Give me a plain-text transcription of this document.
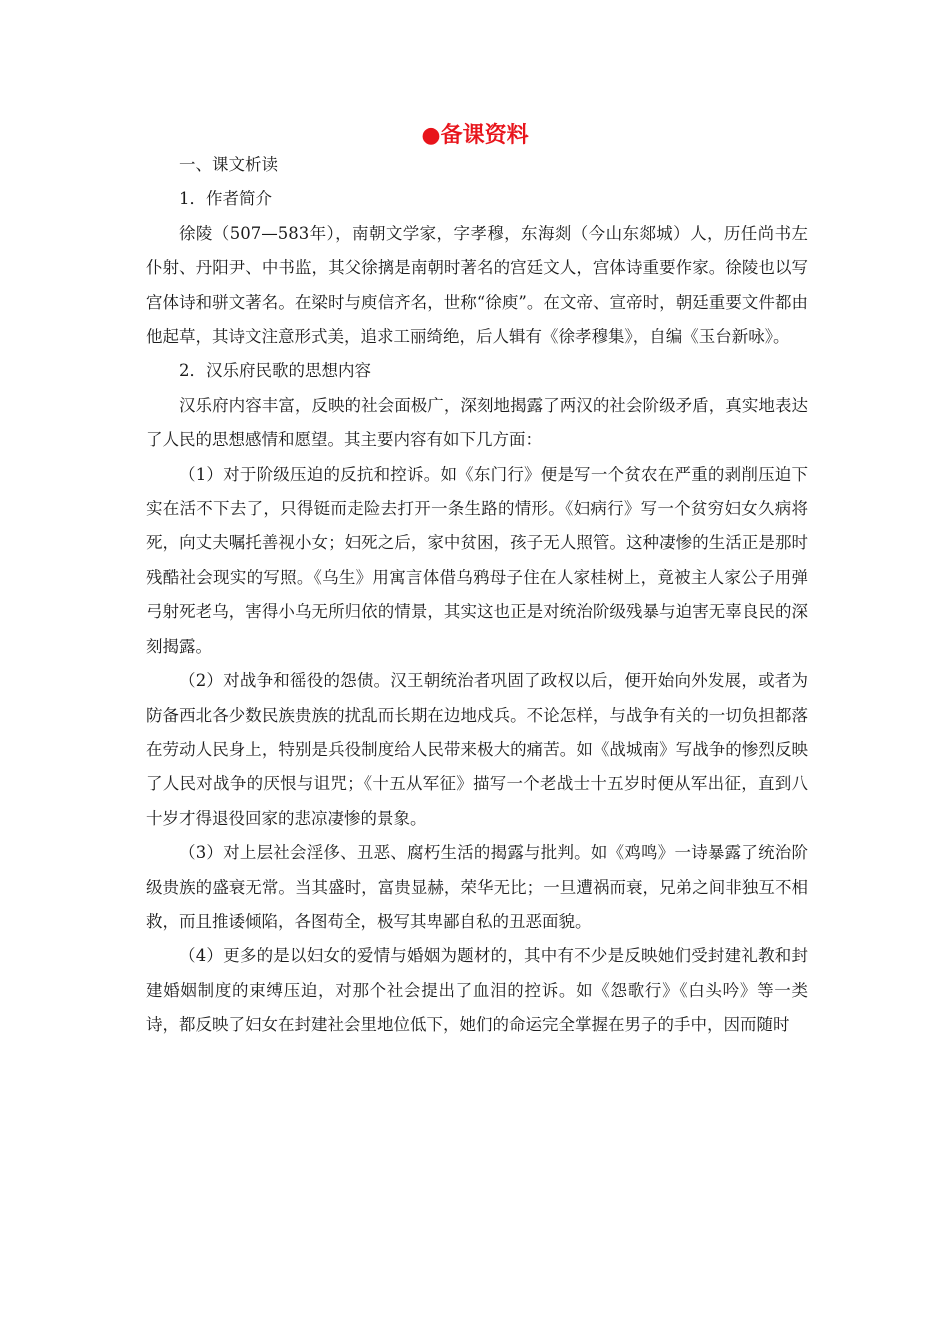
●备课资料

一、课文析读

1．作者简介

徐陵（507—583年），南朝文学家，字孝穆，东海剡（今山东郯城）人，历任尚书左仆射、丹阳尹、中书监，其父徐摛是南朝时著名的宫廷文人，宫体诗重要作家。徐陵也以写宫体诗和骈文著名。在梁时与庾信齐名，世称“徐庾”。在文帝、宣帝时，朝廷重要文件都由他起草，其诗文注意形式美，追求工丽绮绝，后人辑有《徐孝穆集》，自编《玉台新咏》。

2．汉乐府民歌的思想内容

汉乐府内容丰富，反映的社会面极广，深刻地揭露了两汉的社会阶级矛盾，真实地表达了人民的思想感情和愿望。其主要内容有如下几方面：

（1）对于阶级压迫的反抗和控诉。如《东门行》便是写一个贫农在严重的剥削压迫下实在活不下去了，只得铤而走险去打开一条生路的情形。《妇病行》写一个贫穷妇女久病将死，向丈夫嘱托善视小女；妇死之后，家中贫困，孩子无人照管。这种凄惨的生活正是那时残酷社会现实的写照。《乌生》用寓言体借乌鸦母子住在人家桂树上，竟被主人家公子用弹弓射死老乌，害得小乌无所归依的情景，其实这也正是对统治阶级残暴与迫害无辜良民的深刻揭露。

（2）对战争和徭役的怨债。汉王朝统治者巩固了政权以后，便开始向外发展，或者为防备西北各少数民族贵族的扰乱而长期在边地戍兵。不论怎样，与战争有关的一切负担都落在劳动人民身上，特别是兵役制度给人民带来极大的痛苦。如《战城南》写战争的惨烈反映了人民对战争的厌恨与诅咒；《十五从军征》描写一个老战士十五岁时便从军出征，直到八十岁才得退役回家的悲凉凄惨的景象。

（3）对上层社会淫侈、丑恶、腐朽生活的揭露与批判。如《鸡鸣》一诗暴露了统治阶级贵族的盛衰无常。当其盛时，富贵显赫，荣华无比；一旦遭祸而衰，兄弟之间非独互不相救，而且推诿倾陷，各图苟全，极写其卑鄙自私的丑恶面貌。

（4）更多的是以妇女的爱情与婚姻为题材的，其中有不少是反映她们受封建礼教和封建婚姻制度的束缚压迫，对那个社会提出了血泪的控诉。如《怨歌行》《白头吟》等一类诗，都反映了妇女在封建社会里地位低下，她们的命运完全掌握在男子的手中，因而随时
